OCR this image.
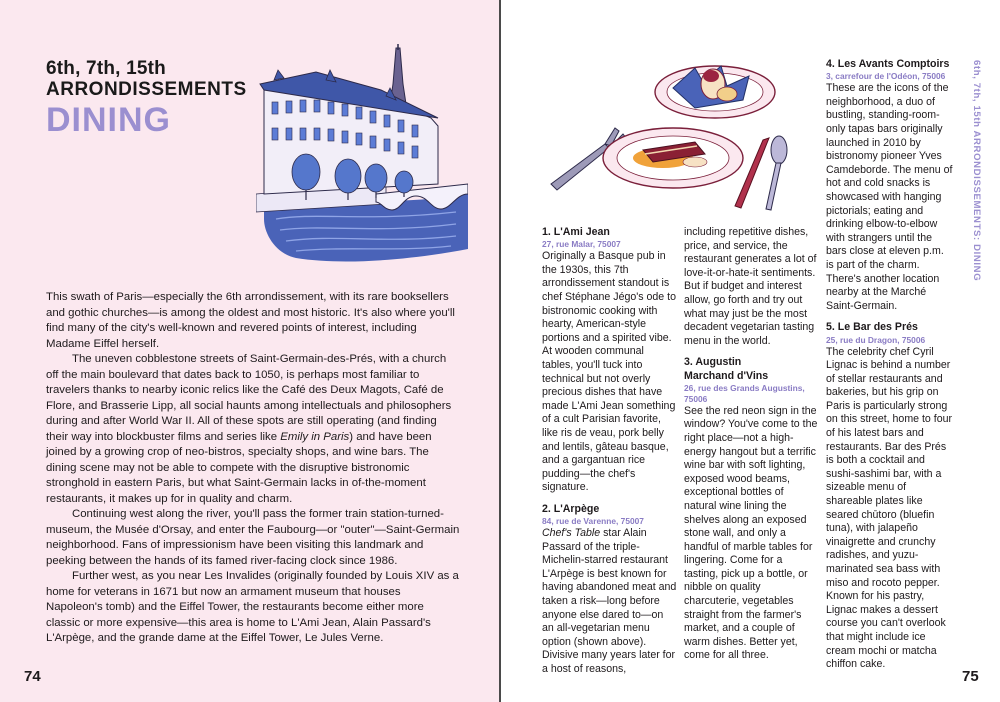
6th, 7th, 15th
ARRONDISSEMENTS
DINING

This swath of Paris—especially the 6th arrondissement, with its rare booksellers and gothic churches—is among the oldest and most historic. It's also where you'll find many of the city's well-known and revered points of interest, including Madame Eiffel herself.

The uneven cobblestone streets of Saint-Germain-des-Prés, with a church off the main boulevard that dates back to 1050, is perhaps most familiar to travelers thanks to nearby iconic relics like the Café des Deux Magots, Café de Flore, and Brasserie Lipp, all social haunts among intellectuals and philosophers during and after World War II. All of these spots are still operating (and finding their way into blockbuster films and series like Emily in Paris) and have been joined by a growing crop of neo-bistros, specialty shops, and wine bars. The dining scene may not be able to compete with the disruptive bistronomic stronghold in eastern Paris, but what Saint-Germain lacks in of-the-moment restaurants, it makes up for in quality and charm.

Continuing west along the river, you'll pass the former train station-turned-museum, the Musée d'Orsay, and enter the Faubourg—or "outer"—Saint-Germain neighborhood. Fans of impressionism have been visiting this landmark and peeking between the hands of its famed river-facing clock since 1986.

Further west, as you near Les Invalides (originally founded by Louis XIV as a home for veterans in 1671 but now an armament museum that houses Napoleon's tomb) and the Eiffel Tower, the restaurants become either more classic or more expensive—this area is home to L'Ami Jean, Alain Passard's L'Arpège, and the grande dame at the Eiffel Tower, Le Jules Verne.

74
1. L'Ami Jean
27, rue Malar, 75007

Originally a Basque pub in the 1930s, this 7th arrondissement standout is chef Stéphane Jégo's ode to bistronomic cooking with hearty, American-style portions and a spirited vibe. At wooden communal tables, you'll tuck into technical but not overly precious dishes that have made L'Ami Jean something of a cult Parisian favorite, like ris de veau, pork belly and lentils, gâteau basque, and a gargantuan rice pudding—the chef's signature.

2. L'Arpège
84, rue de Varenne, 75007

Chef's Table star Alain Passard of the triple-Michelin-starred restaurant L'Arpège is best known for having abandoned meat and taken a risk—long before anyone else dared to—on an all-vegetarian menu option (shown above). Divisive many years later for a host of reasons,

including repetitive dishes, price, and service, the restaurant generates a lot of love-it-or-hate-it sentiments. But if budget and interest allow, go forth and try out what may just be the most decadent vegetarian tasting menu in the world.

3. Augustin
Marchand d'Vins
26, rue des Grands Augustins, 75006

See the red neon sign in the window? You've come to the right place—not a high-energy hangout but a terrific wine bar with soft lighting, exposed wood beams, exceptional bottles of natural wine lining the shelves along an exposed stone wall, and only a handful of marble tables for lingering. Come for a tasting, pick up a bottle, or nibble on quality charcuterie, vegetables straight from the farmer's market, and a couple of warm dishes. Better yet, come for all three.

4. Les Avants Comptoirs
3, carrefour de l'Odéon, 75006

These are the icons of the neighborhood, a duo of bustling, standing-room-only tapas bars originally launched in 2010 by bistronomy pioneer Yves Camdeborde. The menu of hot and cold snacks is showcased with hanging pictorials; eating and drinking elbow-to-elbow with strangers until the bars close at eleven p.m. is part of the charm. There's another location nearby at the Marché Saint-Germain.

5. Le Bar des Prés
25, rue du Dragon, 75006

The celebrity chef Cyril Lignac is behind a number of stellar restaurants and bakeries, but his grip on Paris is particularly strong on this street, home to four of his latest bars and restaurants. Bar des Prés is both a cocktail and sushi-sashimi bar, with a sizeable menu of shareable plates like seared chūtoro (bluefin tuna), with jalapeño vinaigrette and crunchy radishes, and yuzu-marinated sea bass with miso and rocoto pepper. Known for his pastry, Lignac makes a dessert course you can't overlook that might include ice cream mochi or matcha chiffon cake.

6th, 7th, 15th ARRONDISSEMENTS: DINING
75
